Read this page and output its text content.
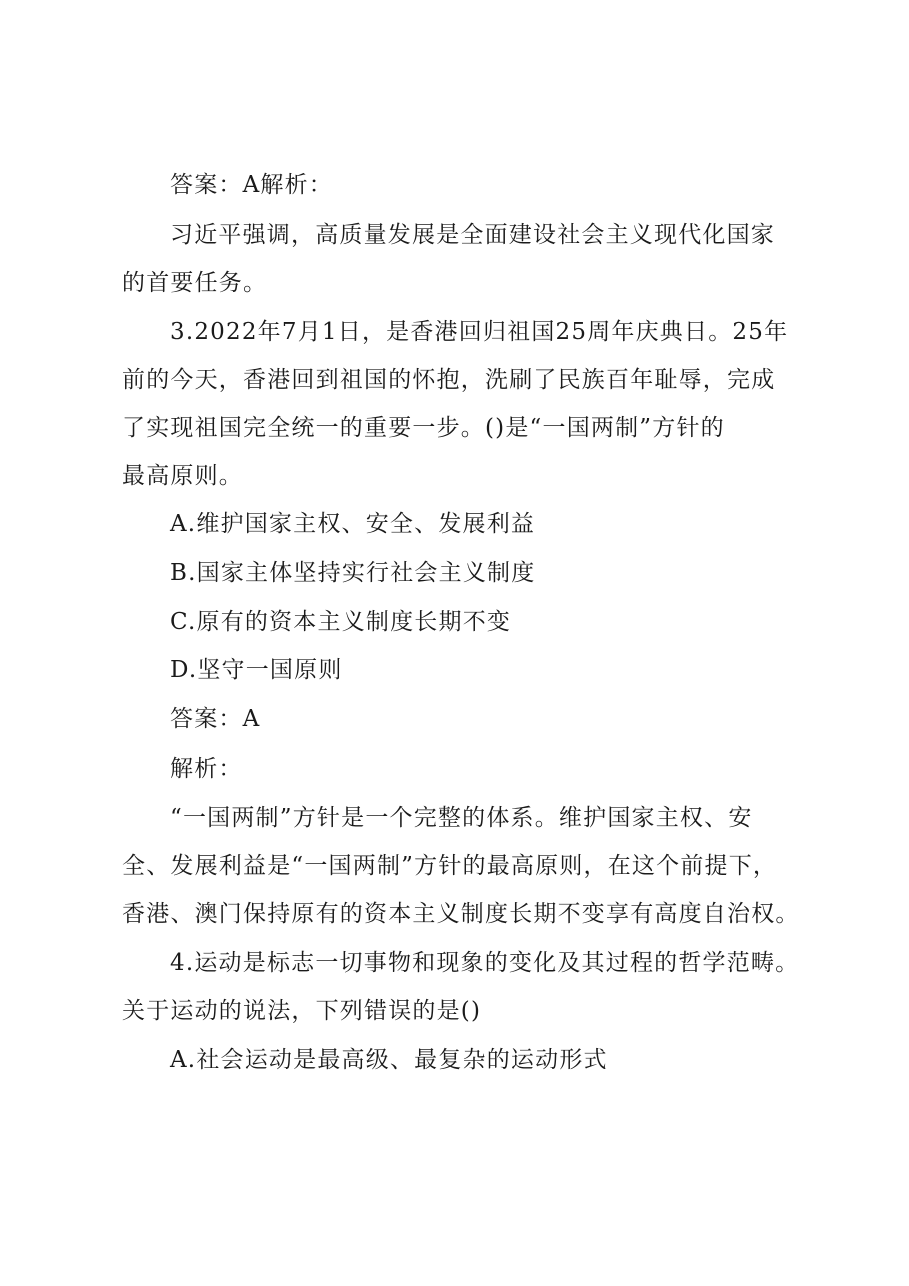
答案：A解析：
习近平强调，高质量发展是全面建设社会主义现代化国家
的首要任务。
3.2022年7月1日，是香港回归祖国25周年庆典日。25年
前的今天，香港回到祖国的怀抱，洗刷了民族百年耻辱，完成
了实现祖国完全统一的重要一步。()是“一国两制”方针的
最高原则。
A.维护国家主权、安全、发展利益
B.国家主体坚持实行社会主义制度
C.原有的资本主义制度长期不变
D.坚守一国原则
答案：A
解析：
“一国两制”方针是一个完整的体系。维护国家主权、安
全、发展利益是“一国两制”方针的最高原则，在这个前提下，
香港、澳门保持原有的资本主义制度长期不变享有高度自治权。
4.运动是标志一切事物和现象的变化及其过程的哲学范畴。
关于运动的说法，下列错误的是()
A.社会运动是最高级、最复杂的运动形式
